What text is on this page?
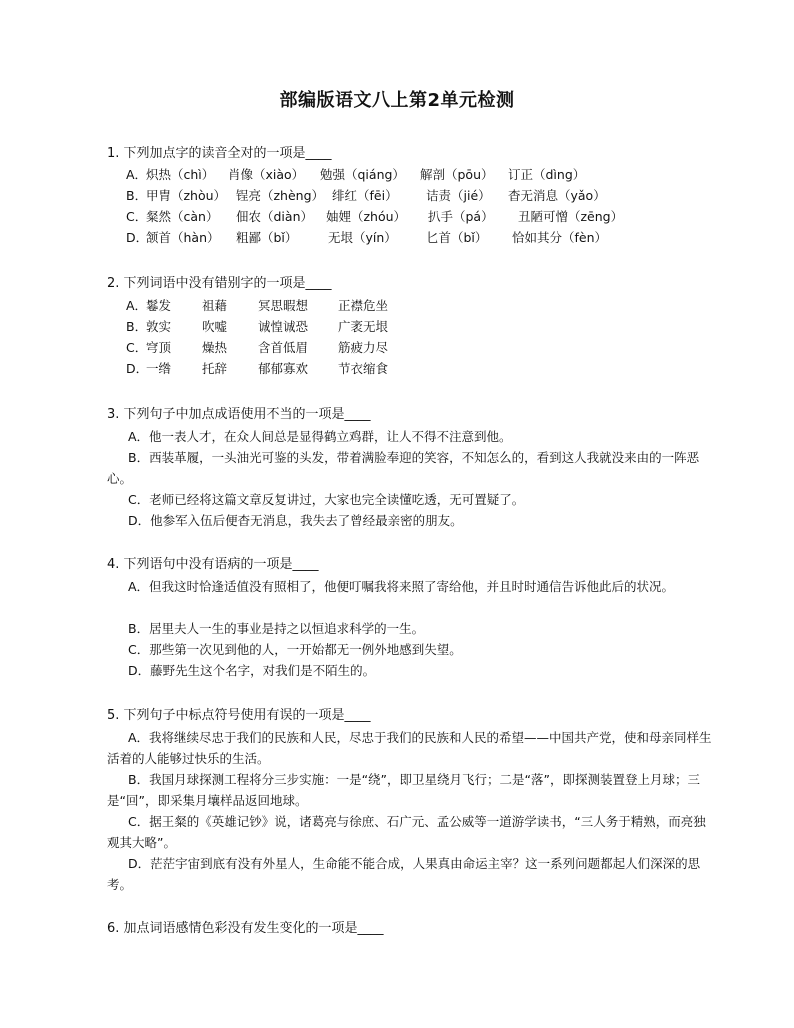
部编版语文八上第2单元检测
1. 下列加点字的读音全对的一项是____
A．
炽热（chì） 肖像（xiào） 勉强（qiáng） 解剖（pōu） 订正（dìng）
B．
甲胄（zhòu） 锃亮（zhèng） 绯红（fēi） 诘责（jié） 杳无消息（yǎo）
C．
粲然（càn） 佃农（diàn） 妯娌（zhóu） 扒手（pá） 丑陋可憎（zēng）
D．
颔首（hàn） 粗鄙（bǐ） 无垠（yín） 匕首（bǐ） 恰如其分（fèn）
2. 下列词语中没有错别字的一项是____
A．
鬈发 祖藉 冥思暇想 正襟危坐
B．
敦实 吹嘘 诚惶诚恐 广袤无垠
C．
穹顶 燥热 含首低眉 筋疲力尽
D．
一绺 托辞 郁郁寡欢 节衣缩食
3. 下列句子中加点成语使用不当的一项是____
A．他一表人才，在众人间总是显得鹤立鸡群，让人不得不注意到他。
B．西装革履，一头油光可鉴的头发，带着满脸奉迎的笑容，不知怎么的，看到这人我就没来由的一阵恶心。
C．老师已经将这篇文章反复讲过，大家也完全读懂吃透，无可置疑了。
D．他参军入伍后便杳无消息，我失去了曾经最亲密的朋友。
4. 下列语句中没有语病的一项是____
A．但我这时恰逢适值没有照相了，他便叮嘱我将来照了寄给他，并且时时通信告诉他此后的状况。
B．居里夫人一生的事业是持之以恒追求科学的一生。
C．那些第一次见到他的人，一开始都无一例外地感到失望。
D．藤野先生这个名字，对我们是不陌生的。
5. 下列句子中标点符号使用有误的一项是____
A．我将继续尽忠于我们的民族和人民，尽忠于我们的民族和人民的希望——中国共产党，使和母亲同样生活着的人能够过快乐的生活。
B．我国月球探测工程将分三步实施：一是“绕”，即卫星绕月飞行；二是“落”，即探测装置登上月球；三是“回”，即采集月壤样品返回地球。
C．据王粲的《英雄记钞》说，诸葛亮与徐庶、石广元、孟公威等一道游学读书，“三人务于精熟，而亮独观其大略”。
D．茫茫宇宙到底有没有外星人，生命能不能合成，人果真由命运主宰？这一系列问题都起人们深深的思考。
6. 加点词语感情色彩没有发生变化的一项是____
